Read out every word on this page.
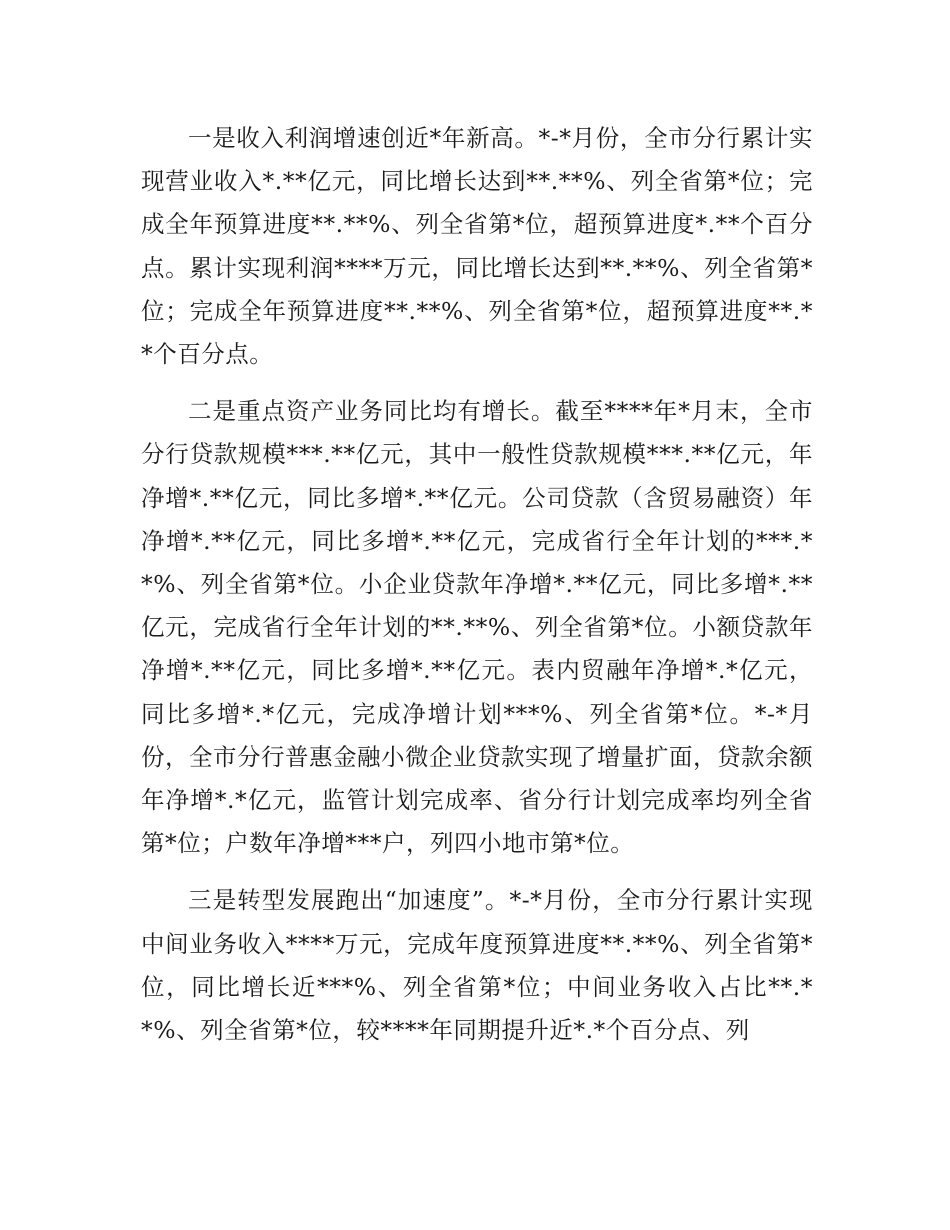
一是收入利润增速创近*年新高。*-*月份，全市分行累计实现营业收入*.**亿元，同比增长达到**.**%、列全省第*位；完成全年预算进度**.**%、列全省第*位，超预算进度*.**个百分点。累计实现利润****万元，同比增长达到**.**%、列全省第*位；完成全年预算进度**.**%、列全省第*位，超预算进度**.**个百分点。

二是重点资产业务同比均有增长。截至****年*月末，全市分行贷款规模***.**亿元，其中一般性贷款规模***.**亿元，年净增*.**亿元，同比多增*.**亿元。公司贷款（含贸易融资）年净增*.**亿元，同比多增*.**亿元，完成省行全年计划的***.**%、列全省第*位。小企业贷款年净增*.**亿元，同比多增*.**亿元，完成省行全年计划的**.**%、列全省第*位。小额贷款年净增*.**亿元，同比多增*.**亿元。表内贸融年净增*.*亿元，同比多增*.*亿元，完成净增计划***%、列全省第*位。*-*月份，全市分行普惠金融小微企业贷款实现了增量扩面，贷款余额年净增*.*亿元，监管计划完成率、省分行计划完成率均列全省第*位；户数年净增***户，列四小地市第*位。

三是转型发展跑出“加速度”。*-*月份，全市分行累计实现中间业务收入****万元，完成年度预算进度**.**%、列全省第*位，同比增长近***%、列全省第*位；中间业务收入占比**.**%、列全省第*位，较****年同期提升近*.*个百分点、列
